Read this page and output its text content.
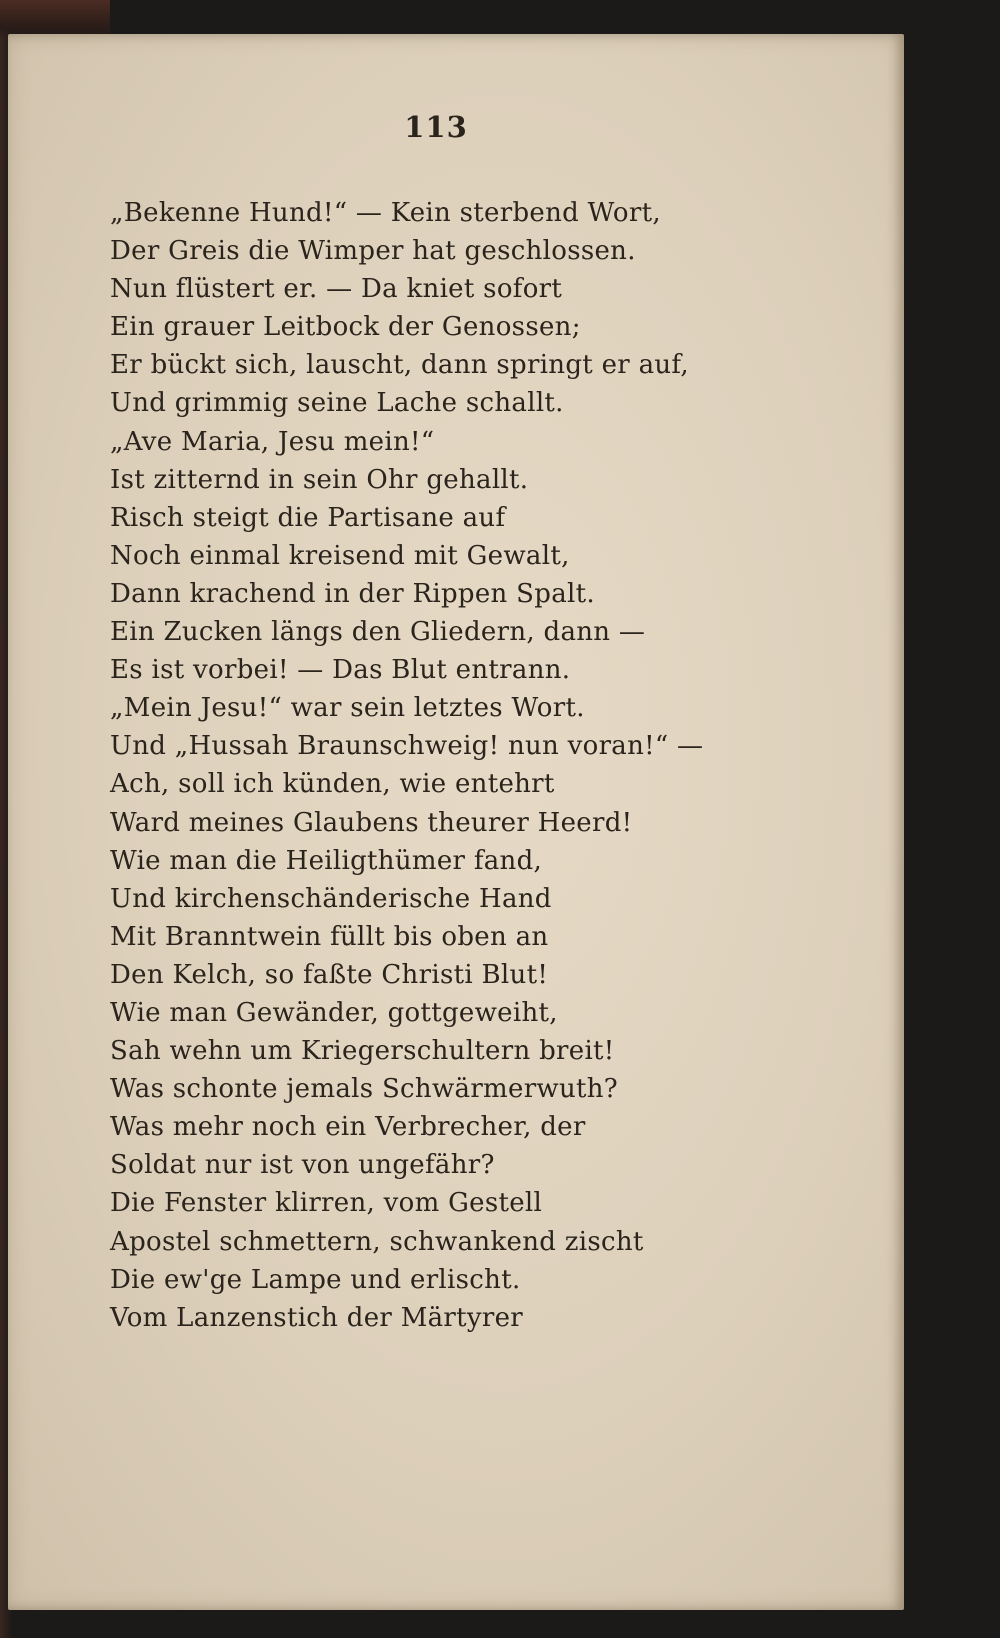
113
„Bekenne Hund!“ — Kein sterbend Wort,
Der Greis die Wimper hat geschlossen.
Nun flüstert er. — Da kniet sofort
Ein grauer Leitbock der Genossen;
Er bückt sich, lauscht, dann springt er auf,
Und grimmig seine Lache schallt.
„Ave Maria, Jesu mein!“
Ist zitternd in sein Ohr gehallt.
Risch steigt die Partisane auf
Noch einmal kreisend mit Gewalt,
Dann krachend in der Rippen Spalt.
Ein Zucken längs den Gliedern, dann —
Es ist vorbei! — Das Blut entrann.
„Mein Jesu!“ war sein letztes Wort.
Und „Hussah Braunschweig! nun voran!“ —
Ach, soll ich künden, wie entehrt
Ward meines Glaubens theurer Heerd!
Wie man die Heiligthümer fand,
Und kirchenschänderische Hand
Mit Branntwein füllt bis oben an
Den Kelch, so faßte Christi Blut!
Wie man Gewänder, gottgeweiht,
Sah wehn um Kriegerschultern breit!
Was schonte jemals Schwärmerwuth?
Was mehr noch ein Verbrecher, der
Soldat nur ist von ungefähr?
Die Fenster klirren, vom Gestell
Apostel schmettern, schwankend zischt
Die ew'ge Lampe und erlischt.
Vom Lanzenstich der Märtyrer
